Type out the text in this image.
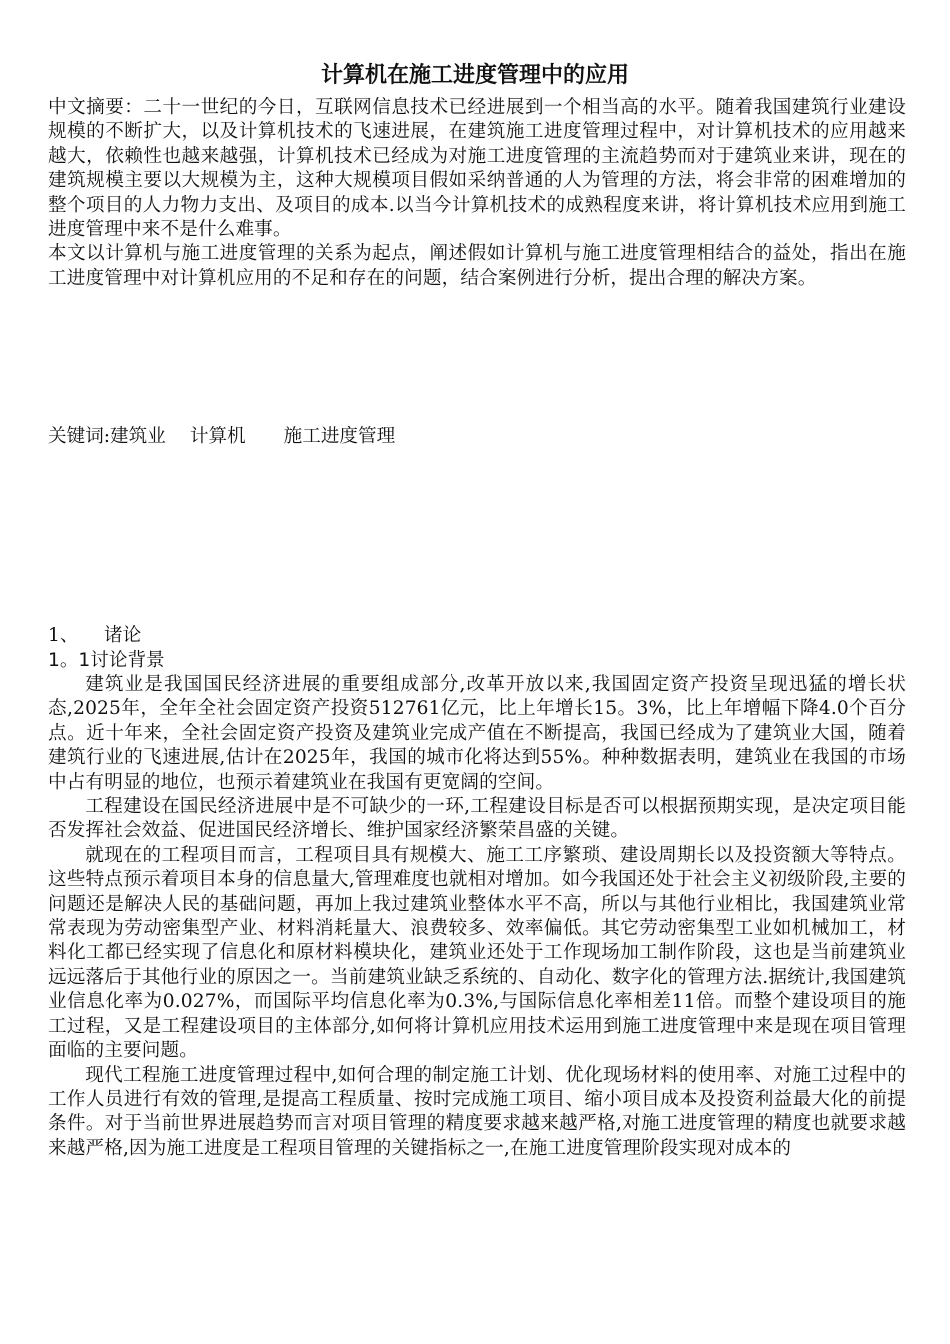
计算机在施工进度管理中的应用

中文摘要：二十一世纪的今日，互联网信息技术已经进展到一个相当高的水平。随着我国建筑行业建设规模的不断扩大，以及计算机技术的飞速进展，在建筑施工进度管理过程中，对计算机技术的应用越来越大，依赖性也越来越强，计算机技术已经成为对施工进度管理的主流趋势而对于建筑业来讲，现在的建筑规模主要以大规模为主，这种大规模项目假如采纳普通的人为管理的方法，将会非常的困难增加的整个项目的人力物力支出、及项目的成本.以当今计算机技术的成熟程度来讲，将计算机技术应用到施工进度管理中来不是什么难事。

本文以计算机与施工进度管理的关系为起点，阐述假如计算机与施工进度管理相结合的益处，指出在施工进度管理中对计算机应用的不足和存在的问题，结合案例进行分析，提出合理的解决方案。

关键词:建筑业 计算机 施工进度管理
1、 诸论
1。1讨论背景

建筑业是我国国民经济进展的重要组成部分,改革开放以来,我国固定资产投资呈现迅猛的增长状态,2025年，全年全社会固定资产投资512761亿元，比上年增长15。3%，比上年增幅下降4.0个百分点。近十年来，全社会固定资产投资及建筑业完成产值在不断提高，我国已经成为了建筑业大国，随着建筑行业的飞速进展,估计在2025年，我国的城市化将达到55%。种种数据表明，建筑业在我国的市场中占有明显的地位，也预示着建筑业在我国有更宽阔的空间。

工程建设在国民经济进展中是不可缺少的一环,工程建设目标是否可以根据预期实现，是决定项目能否发挥社会效益、促进国民经济增长、维护国家经济繁荣昌盛的关键。

就现在的工程项目而言，工程项目具有规模大、施工工序繁琐、建设周期长以及投资额大等特点。这些特点预示着项目本身的信息量大,管理难度也就相对增加。如今我国还处于社会主义初级阶段,主要的问题还是解决人民的基础问题，再加上我过建筑业整体水平不高，所以与其他行业相比，我国建筑业常常表现为劳动密集型产业、材料消耗量大、浪费较多、效率偏低。其它劳动密集型工业如机械加工，材料化工都已经实现了信息化和原材料模块化，建筑业还处于工作现场加工制作阶段，这也是当前建筑业远远落后于其他行业的原因之一。当前建筑业缺乏系统的、自动化、数字化的管理方法.据统计,我国建筑业信息化率为0.027%，而国际平均信息化率为0.3%,与国际信息化率相差11倍。而整个建设项目的施工过程，又是工程建设项目的主体部分,如何将计算机应用技术运用到施工进度管理中来是现在项目管理面临的主要问题。

现代工程施工进度管理过程中,如何合理的制定施工计划、优化现场材料的使用率、对施工过程中的工作人员进行有效的管理,是提高工程质量、按时完成施工项目、缩小项目成本及投资利益最大化的前提条件。对于当前世界进展趋势而言对项目管理的精度要求越来越严格,对施工进度管理的精度也就要求越来越严格,因为施工进度是工程项目管理的关键指标之一,在施工进度管理阶段实现对成本的
